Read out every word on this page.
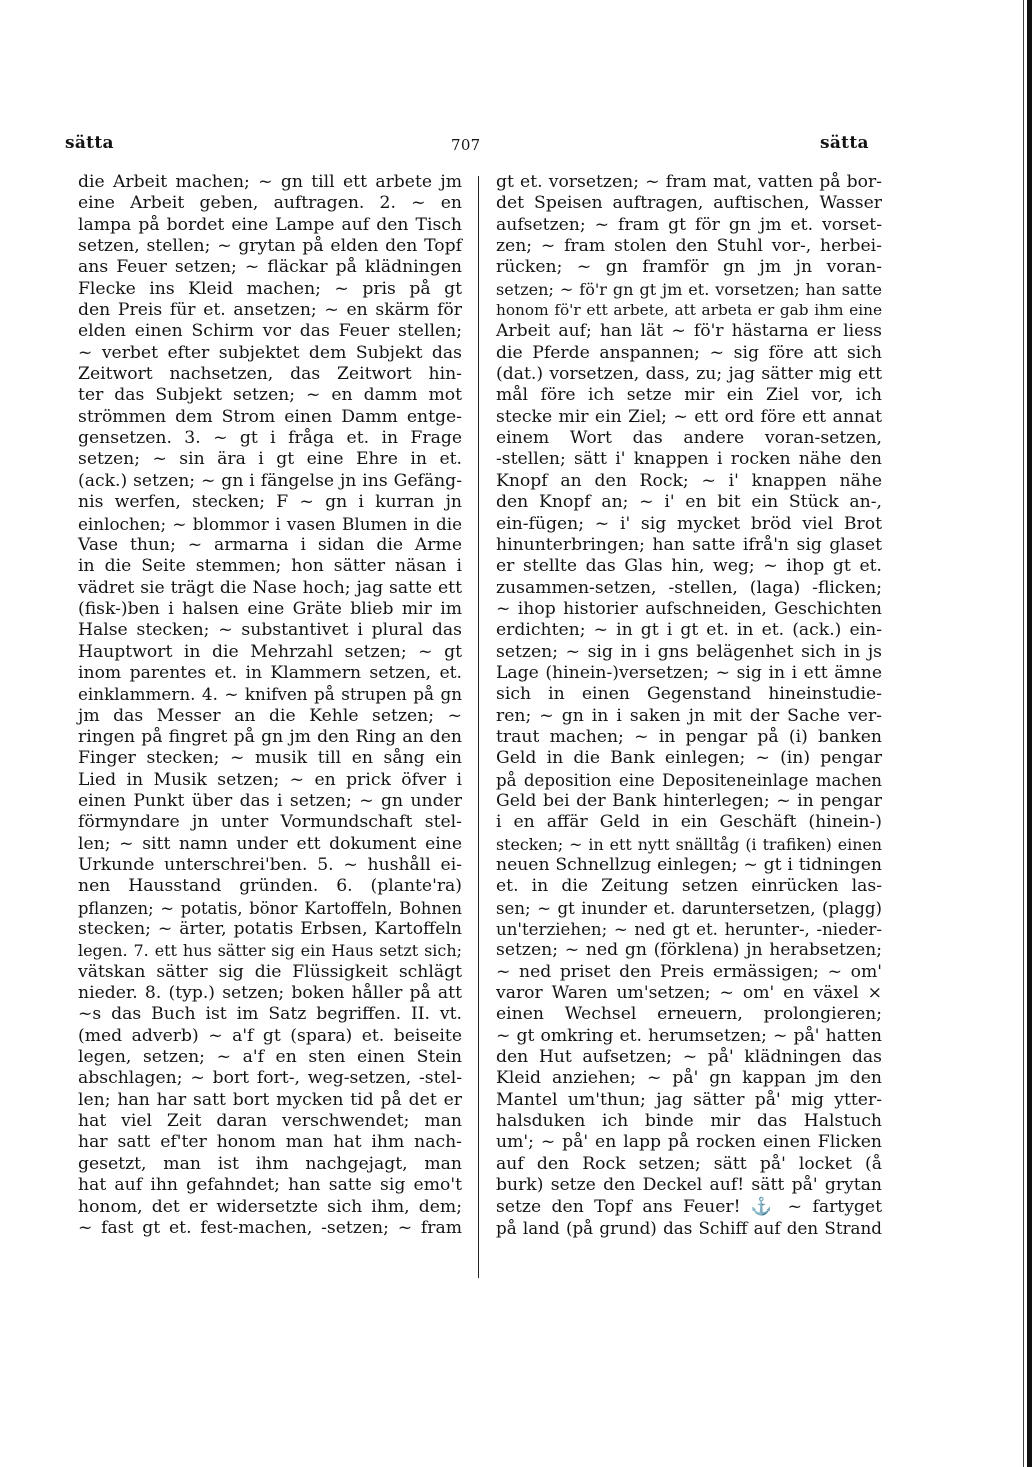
sätta	707	sätta
die Arbeit machen; ~ gn till ett arbete jm
eine Arbeit geben, auftragen. 2. ~ en
lampa på bordet eine Lampe auf den Tisch
setzen, stellen; ~ grytan på elden den Topf
ans Feuer setzen; ~ fläckar på klädningen
Flecke ins Kleid machen; ~ pris på gt
den Preis für et. ansetzen; ~ en skärm för
elden einen Schirm vor das Feuer stellen;
~ verbet efter subjektet dem Subjekt das
Zeitwort nachsetzen, das Zeitwort hin-
ter das Subjekt setzen; ~ en damm mot
strömmen dem Strom einen Damm entge-
gensetzen. 3. ~ gt i fråga et. in Frage
setzen; ~ sin ära i gt eine Ehre in et.
(ack.) setzen; ~ gn i fängelse jn ins Gefäng-
nis werfen, stecken; F ~ gn i kurran jn
einlochen; ~ blommor i vasen Blumen in die
Vase thun; ~ armarna i sidan die Arme
in die Seite stemmen; hon sätter näsan i
vädret sie trägt die Nase hoch; jag satte ett
(fisk-)ben i halsen eine Gräte blieb mir im
Halse stecken; ~ substantivet i plural das
Hauptwort in die Mehrzahl setzen; ~ gt
inom parentes et. in Klammern setzen, et.
einklammern. 4. ~ knifven på strupen på gn
jm das Messer an die Kehle setzen; ~
ringen på fingret på gn jm den Ring an den
Finger stecken; ~ musik till en sång ein
Lied in Musik setzen; ~ en prick öfver i
einen Punkt über das i setzen; ~ gn under
förmyndare jn unter Vormundschaft stel-
len; ~ sitt namn under ett dokument eine
Urkunde unterschrei'ben. 5. ~ hushåll ei-
nen Hausstand gründen. 6. (plante'ra)
pflanzen; ~ potatis, bönor Kartoffeln, Bohnen
stecken; ~ ärter, potatis Erbsen, Kartoffeln
legen. 7. ett hus sätter sig ein Haus setzt sich;
vätskan sätter sig die Flüssigkeit schlägt
nieder. 8. (typ.) setzen; boken håller på att
~s das Buch ist im Satz begriffen. II. vt.
(med adverb) ~ a'f gt (spara) et. beiseite
legen, setzen; ~ a'f en sten einen Stein
abschlagen; ~ bort fort-, weg-setzen, -stel-
len; han har satt bort mycken tid på det er
hat viel Zeit daran verschwendet; man
har satt ef'ter honom man hat ihm nach-
gesetzt, man ist ihm nachgejagt, man
hat auf ihn gefahndet; han satte sig emo't
honom, det er widersetzte sich ihm, dem;
~ fast gt et. fest-machen, -setzen; ~ fram
gt et. vorsetzen; ~ fram mat, vatten på bor-
det Speisen auftragen, auftischen, Wasser
aufsetzen; ~ fram gt för gn jm et. vorset-
zen; ~ fram stolen den Stuhl vor-, herbei-
rücken; ~ gn framför gn jm jn voran-
setzen; ~ fö'r gn gt jm et. vorsetzen; han satte
honom fö'r ett arbete, att arbeta er gab ihm eine
Arbeit auf; han lät ~ fö'r hästarna er liess
die Pferde anspannen; ~ sig före att sich
(dat.) vorsetzen, dass, zu; jag sätter mig ett
mål före ich setze mir ein Ziel vor, ich
stecke mir ein Ziel; ~ ett ord före ett annat
einem Wort das andere voran-setzen,
-stellen; sätt i' knappen i rocken nähe den
Knopf an den Rock; ~ i' knappen nähe
den Knopf an; ~ i' en bit ein Stück an-,
ein-fügen; ~ i' sig mycket bröd viel Brot
hinunterbringen; han satte ifrå'n sig glaset
er stellte das Glas hin, weg; ~ ihop gt et.
zusammen-setzen, -stellen, (laga) -flicken;
~ ihop historier aufschneiden, Geschichten
erdichten; ~ in gt i gt et. in et. (ack.) ein-
setzen; ~ sig in i gns belägenhet sich in js
Lage (hinein-)versetzen; ~ sig in i ett ämne
sich in einen Gegenstand hineinstudie-
ren; ~ gn in i saken jn mit der Sache ver-
traut machen; ~ in pengar på (i) banken
Geld in die Bank einlegen; ~ (in) pengar
på deposition eine Depositeneinlage machen
Geld bei der Bank hinterlegen; ~ in pengar
i en affär Geld in ein Geschäft (hinein-)
stecken; ~ in ett nytt snälltåg (i trafiken) einen
neuen Schnellzug einlegen; ~ gt i tidningen
et. in die Zeitung setzen einrücken las-
sen; ~ gt inunder et. daruntersetzen, (plagg)
un'terziehen; ~ ned gt et. herunter-, -nieder-
setzen; ~ ned gn (förklena) jn herabsetzen;
~ ned priset den Preis ermässigen; ~ om'
varor Waren um'setzen; ~ om' en växel ×
einen Wechsel erneuern, prolongieren;
~ gt omkring et. herumsetzen; ~ på' hatten
den Hut aufsetzen; ~ på' klädningen das
Kleid anziehen; ~ på' gn kappan jm den
Mantel um'thun; jag sätter på' mig ytter-
halsduken ich binde mir das Halstuch
um'; ~ på' en lapp på rocken einen Flicken
auf den Rock setzen; sätt på' locket (å
burk) setze den Deckel auf! sätt på' grytan
setze den Topf ans Feuer! ⚓ ~ fartyget
på land (på grund) das Schiff auf den Strand
